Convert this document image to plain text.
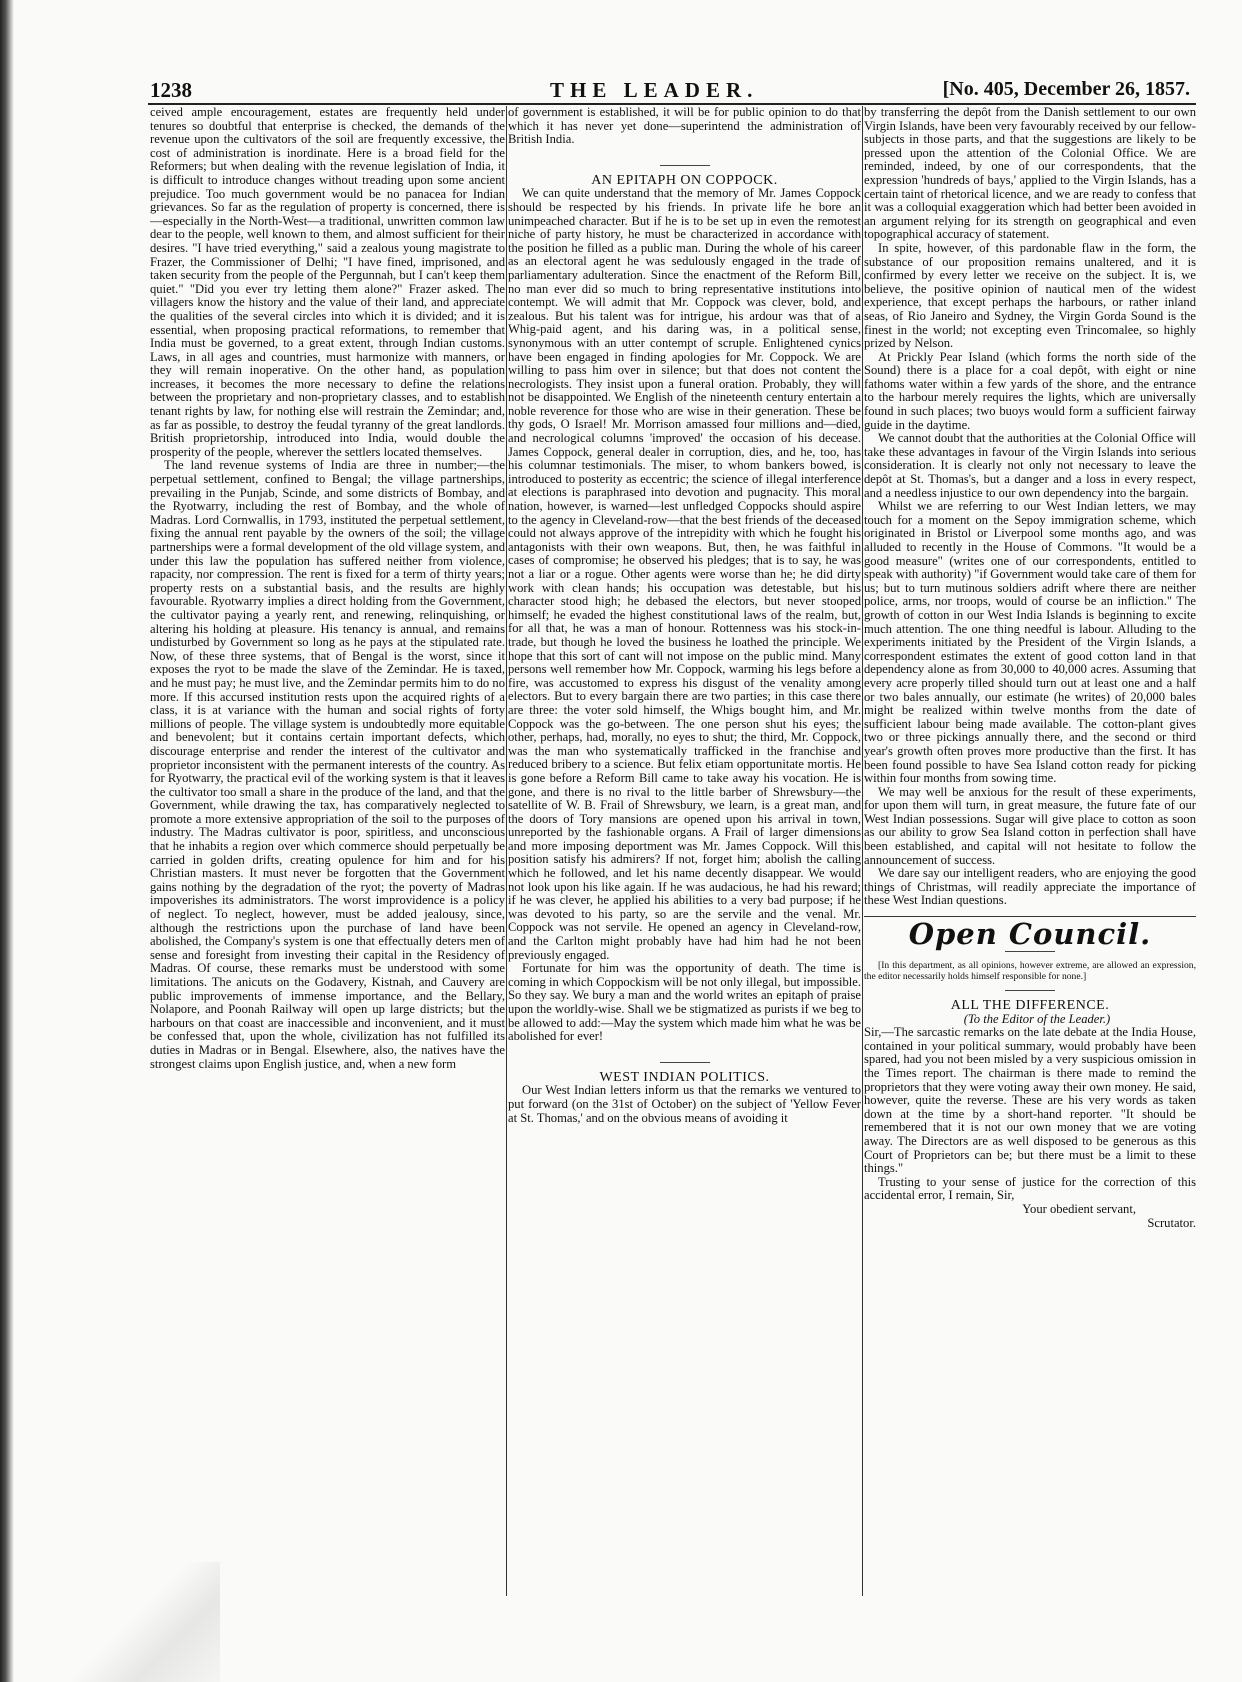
1238	THE LEADER.	[No. 405, December 26, 1857.

ceived ample encouragement, estates are frequently held under tenures so doubtful that enterprise is checked, the demands of the revenue upon the cultivators of the soil are frequently excessive, the cost of administration is inordinate. Here is a broad field for the Reformers; but when dealing with the revenue legislation of India, it is difficult to introduce changes without treading upon some ancient prejudice. Too much government would be no panacea for Indian grievances. So far as the regulation of property is concerned, there is—especially in the North-West—a traditional, unwritten common law dear to the people, well known to them, and almost sufficient for their desires. "I have tried everything," said a zealous young magistrate to Frazer, the Commissioner of Delhi; "I have fined, imprisoned, and taken security from the people of the Pergunnah, but I can't keep them quiet." "Did you ever try letting them alone?" Frazer asked. The villagers know the history and the value of their land, and appreciate the qualities of the several circles into which it is divided; and it is essential, when proposing practical reformations, to remember that India must be governed, to a great extent, through Indian customs. Laws, in all ages and countries, must harmonize with manners, or they will remain inoperative. On the other hand, as population increases, it becomes the more necessary to define the relations between the proprietary and non-proprietary classes, and to establish tenant rights by law, for nothing else will restrain the Zemindar; and, as far as possible, to destroy the feudal tyranny of the great landlords. British proprietorship, introduced into India, would double the prosperity of the people, wherever the settlers located themselves.

The land revenue systems of India are three in number;—the perpetual settlement, confined to Bengal; the village partnerships, prevailing in the Punjab, Scinde, and some districts of Bombay, and the Ryotwarry, including the rest of Bombay, and the whole of Madras. Lord Cornwallis, in 1793, instituted the perpetual settlement, fixing the annual rent payable by the owners of the soil; the village partnerships were a formal development of the old village system, and under this law the population has suffered neither from violence, rapacity, nor compression. The rent is fixed for a term of thirty years; property rests on a substantial basis, and the results are highly favourable. Ryotwarry implies a direct holding from the Government, the cultivator paying a yearly rent, and renewing, relinquishing, or altering his holding at pleasure. His tenancy is annual, and remains undisturbed by Government so long as he pays at the stipulated rate. Now, of these three systems, that of Bengal is the worst, since it exposes the ryot to be made the slave of the Zemindar. He is taxed, and he must pay; he must live, and the Zemindar permits him to do no more. If this accursed institution rests upon the acquired rights of a class, it is at variance with the human and social rights of forty millions of people. The village system is undoubtedly more equitable and benevolent; but it contains certain important defects, which discourage enterprise and render the interest of the cultivator and proprietor inconsistent with the permanent interests of the country. As for Ryotwarry, the practical evil of the working system is that it leaves the cultivator too small a share in the produce of the land, and that the Government, while drawing the tax, has comparatively neglected to promote a more extensive appropriation of the soil to the purposes of industry. The Madras cultivator is poor, spiritless, and unconscious that he inhabits a region over which commerce should perpetually be carried in golden drifts, creating opulence for him and for his Christian masters. It must never be forgotten that the Government gains nothing by the degradation of the ryot; the poverty of Madras impoverishes its administrators. The worst improvidence is a policy of neglect. To neglect, however, must be added jealousy, since, although the restrictions upon the purchase of land have been abolished, the Company's system is one that effectually deters men of sense and foresight from investing their capital in the Residency of Madras. Of course, these remarks must be understood with some limitations. The anicuts on the Godavery, Kistnah, and Cauvery are public improvements of immense importance, and the Bellary, Nolapore, and Poonah Railway will open up large districts; but the harbours on that coast are inaccessible and inconvenient, and it must be confessed that, upon the whole, civilization has not fulfilled its duties in Madras or in Bengal. Elsewhere, also, the natives have the strongest claims upon English justice, and, when a new form

of government is established, it will be for public opinion to do that which it has never yet done—superintend the administration of British India.

AN EPITAPH ON COPPOCK.

We can quite understand that the memory of Mr. James Coppock should be respected by his friends. In private life he bore an unimpeached character. But if he is to be set up in even the remotest niche of party history, he must be characterized in accordance with the position he filled as a public man. During the whole of his career as an electoral agent he was sedulously engaged in the trade of parliamentary adulteration. Since the enactment of the Reform Bill, no man ever did so much to bring representative institutions into contempt. We will admit that Mr. Coppock was clever, bold, and zealous. But his talent was for intrigue, his ardour was that of a Whig-paid agent, and his daring was, in a political sense, synonymous with an utter contempt of scruple. Enlightened cynics have been engaged in finding apologies for Mr. Coppock. We are willing to pass him over in silence; but that does not content the necrologists. They insist upon a funeral oration. Probably, they will not be disappointed. We English of the nineteenth century entertain a noble reverence for those who are wise in their generation. These be thy gods, O Israel! Mr. Morrison amassed four millions and—died, and necrological columns 'improved' the occasion of his decease. James Coppock, general dealer in corruption, dies, and he, too, has his columnar testimonials. The miser, to whom bankers bowed, is introduced to posterity as eccentric; the science of illegal interference at elections is paraphrased into devotion and pugnacity. This moral nation, however, is warned—lest unfledged Coppocks should aspire to the agency in Cleveland-row—that the best friends of the deceased could not always approve of the intrepidity with which he fought his antagonists with their own weapons. But, then, he was faithful in cases of compromise; he observed his pledges; that is to say, he was not a liar or a rogue. Other agents were worse than he; he did dirty work with clean hands; his occupation was detestable, but his character stood high; he debased the electors, but never stooped himself; he evaded the highest constitutional laws of the realm, but, for all that, he was a man of honour. Rottenness was his stock-in-trade, but though he loved the business he loathed the principle. We hope that this sort of cant will not impose on the public mind. Many persons well remember how Mr. Coppock, warming his legs before a fire, was accustomed to express his disgust of the venality among electors. But to every bargain there are two parties; in this case there are three: the voter sold himself, the Whigs bought him, and Mr. Coppock was the go-between. The one person shut his eyes; the other, perhaps, had, morally, no eyes to shut; the third, Mr. Coppock, was the man who systematically trafficked in the franchise and reduced bribery to a science. But felix etiam opportunitate mortis. He is gone before a Reform Bill came to take away his vocation. He is gone, and there is no rival to the little barber of Shrewsbury—the satellite of W. B. Frail of Shrewsbury, we learn, is a great man, and the doors of Tory mansions are opened upon his arrival in town, unreported by the fashionable organs. A Frail of larger dimensions and more imposing deportment was Mr. James Coppock. Will this position satisfy his admirers? If not, forget him; abolish the calling which he followed, and let his name decently disappear. We would not look upon his like again. If he was audacious, he had his reward; if he was clever, he applied his abilities to a very bad purpose; if he was devoted to his party, so are the servile and the venal. Mr. Coppock was not servile. He opened an agency in Cleveland-row, and the Carlton might probably have had him had he not been previously engaged.

Fortunate for him was the opportunity of death. The time is coming in which Coppockism will be not only illegal, but impossible. So they say. We bury a man and the world writes an epitaph of praise upon the worldly-wise. Shall we be stigmatized as purists if we beg to be allowed to add:—May the system which made him what he was be abolished for ever!

WEST INDIAN POLITICS.

Our West Indian letters inform us that the remarks we ventured to put forward (on the 31st of October) on the subject of 'Yellow Fever at St. Thomas,' and on the obvious means of avoiding it

by transferring the depôt from the Danish settlement to our own Virgin Islands, have been very favourably received by our fellow-subjects in those parts, and that the suggestions are likely to be pressed upon the attention of the Colonial Office. We are reminded, indeed, by one of our correspondents, that the expression 'hundreds of bays,' applied to the Virgin Islands, has a certain taint of rhetorical licence, and we are ready to confess that it was a colloquial exaggeration which had better been avoided in an argument relying for its strength on geographical and even topographical accuracy of statement.

In spite, however, of this pardonable flaw in the form, the substance of our proposition remains unaltered, and it is confirmed by every letter we receive on the subject. It is, we believe, the positive opinion of nautical men of the widest experience, that except perhaps the harbours, or rather inland seas, of Rio Janeiro and Sydney, the Virgin Gorda Sound is the finest in the world; not excepting even Trincomalee, so highly prized by Nelson.

At Prickly Pear Island (which forms the north side of the Sound) there is a place for a coal depôt, with eight or nine fathoms water within a few yards of the shore, and the entrance to the harbour merely requires the lights, which are universally found in such places; two buoys would form a sufficient fairway guide in the daytime.

We cannot doubt that the authorities at the Colonial Office will take these advantages in favour of the Virgin Islands into serious consideration. It is clearly not only not necessary to leave the depôt at St. Thomas's, but a danger and a loss in every respect, and a needless injustice to our own dependency into the bargain.

Whilst we are referring to our West Indian letters, we may touch for a moment on the Sepoy immigration scheme, which originated in Bristol or Liverpool some months ago, and was alluded to recently in the House of Commons. "It would be a good measure" (writes one of our correspondents, entitled to speak with authority) "if Government would take care of them for us; but to turn mutinous soldiers adrift where there are neither police, arms, nor troops, would of course be an infliction." The growth of cotton in our West India Islands is beginning to excite much attention. The one thing needful is labour. Alluding to the experiments initiated by the President of the Virgin Islands, a correspondent estimates the extent of good cotton land in that dependency alone as from 30,000 to 40,000 acres. Assuming that every acre properly tilled should turn out at least one and a half or two bales annually, our estimate (he writes) of 20,000 bales might be realized within twelve months from the date of sufficient labour being made available. The cotton-plant gives two or three pickings annually there, and the second or third year's growth often proves more productive than the first. It has been found possible to have Sea Island cotton ready for picking within four months from sowing time.

We may well be anxious for the result of these experiments, for upon them will turn, in great measure, the future fate of our West Indian possessions. Sugar will give place to cotton as soon as our ability to grow Sea Island cotton in perfection shall have been established, and capital will not hesitate to follow the announcement of success.

We dare say our intelligent readers, who are enjoying the good things of Christmas, will readily appreciate the importance of these West Indian questions.

Open Council.

[In this department, as all opinions, however extreme, are allowed an expression, the editor necessarily holds himself responsible for none.]

ALL THE DIFFERENCE.

(To the Editor of the Leader.)

Sir,—The sarcastic remarks on the late debate at the India House, contained in your political summary, would probably have been spared, had you not been misled by a very suspicious omission in the Times report. The chairman is there made to remind the proprietors that they were voting away their own money. He said, however, quite the reverse. These are his very words as taken down at the time by a short-hand reporter. "It should be remembered that it is not our own money that we are voting away. The Directors are as well disposed to be generous as this Court of Proprietors can be; but there must be a limit to these things."

Trusting to your sense of justice for the correction of this accidental error, I remain, Sir,

Your obedient servant,

Scrutator.
